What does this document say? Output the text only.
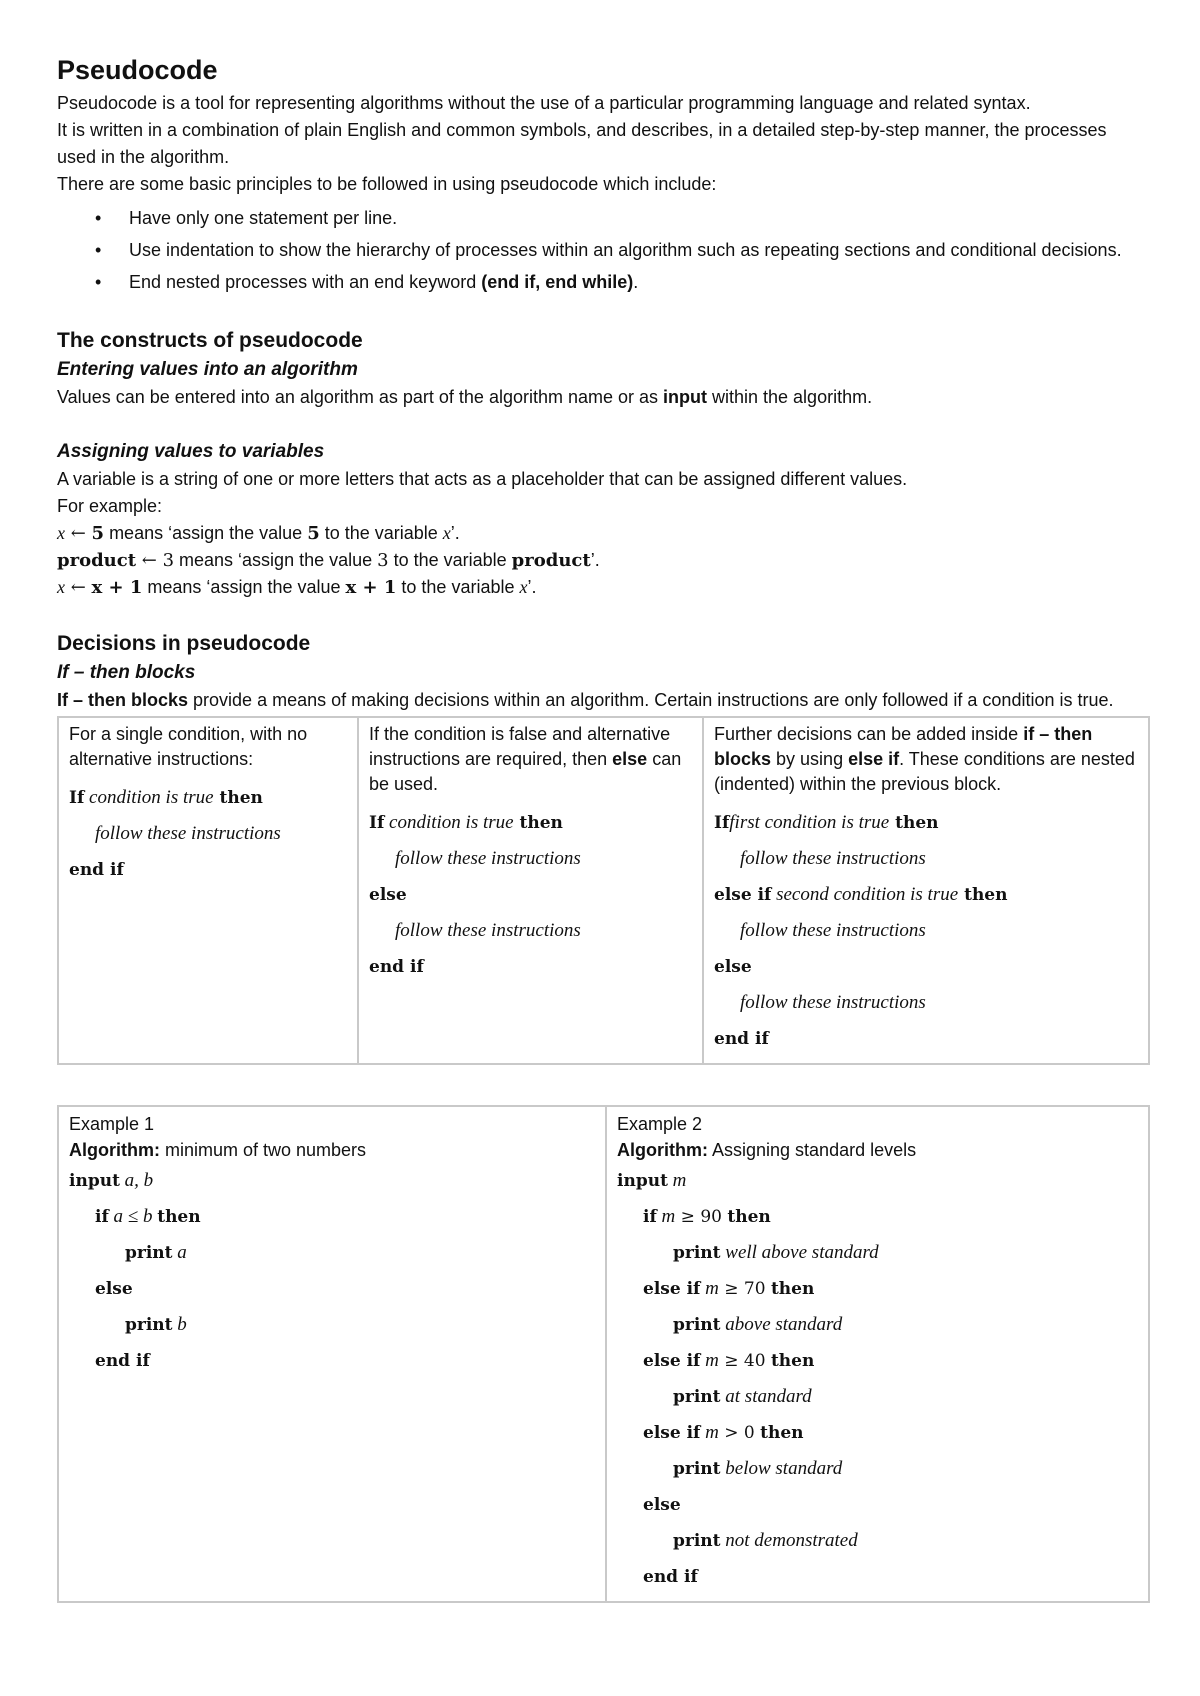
Pseudocode

Pseudocode is a tool for representing algorithms without the use of a particular programming language and related syntax.

It is written in a combination of plain English and common symbols, and describes, in a detailed step-by-step manner, the processes used in the algorithm.

There are some basic principles to be followed in using pseudocode which include:

• Have only one statement per line.
• Use indentation to show the hierarchy of processes within an algorithm such as repeating sections and conditional decisions.
• End nested processes with an end keyword (end if, end while).
The constructs of pseudocode
Entering values into an algorithm

Values can be entered into an algorithm as part of the algorithm name or as input within the algorithm.

Assigning values to variables

A variable is a string of one or more letters that acts as a placeholder that can be assigned different values.

For example:

x ← 5 means ‘assign the value 5 to the variable x’.

product ← 3 means ‘assign the value 3 to the variable product’.

x ← x + 1 means ‘assign the value x + 1 to the variable x’.

Decisions in pseudocode
If – then blocks

If – then blocks provide a means of making decisions within an algorithm. Certain instructions are only followed if a condition is true.

For a single condition, with no alternative instructions:
If condition is true then
follow these instructions
end if

If the condition is false and alternative instructions are required, then else can be used.
If condition is true then
follow these instructions
else
follow these instructions
end if

Further decisions can be added inside if – then blocks by using else if. These conditions are nested (indented) within the previous block.
Iffirst condition is true then
follow these instructions
else if second condition is true then
follow these instructions
else
follow these instructions
end if
Example 1
Algorithm: minimum of two numbers
input a, b
if a ≤ b then
print a
else
print b
end if

Example 2
Algorithm: Assigning standard levels
input m
if m ≥ 90 then
print well above standard
else if m ≥ 70 then
print above standard
else if m ≥ 40 then
print at standard
else if m > 0 then
print below standard
else
print not demonstrated
end if
